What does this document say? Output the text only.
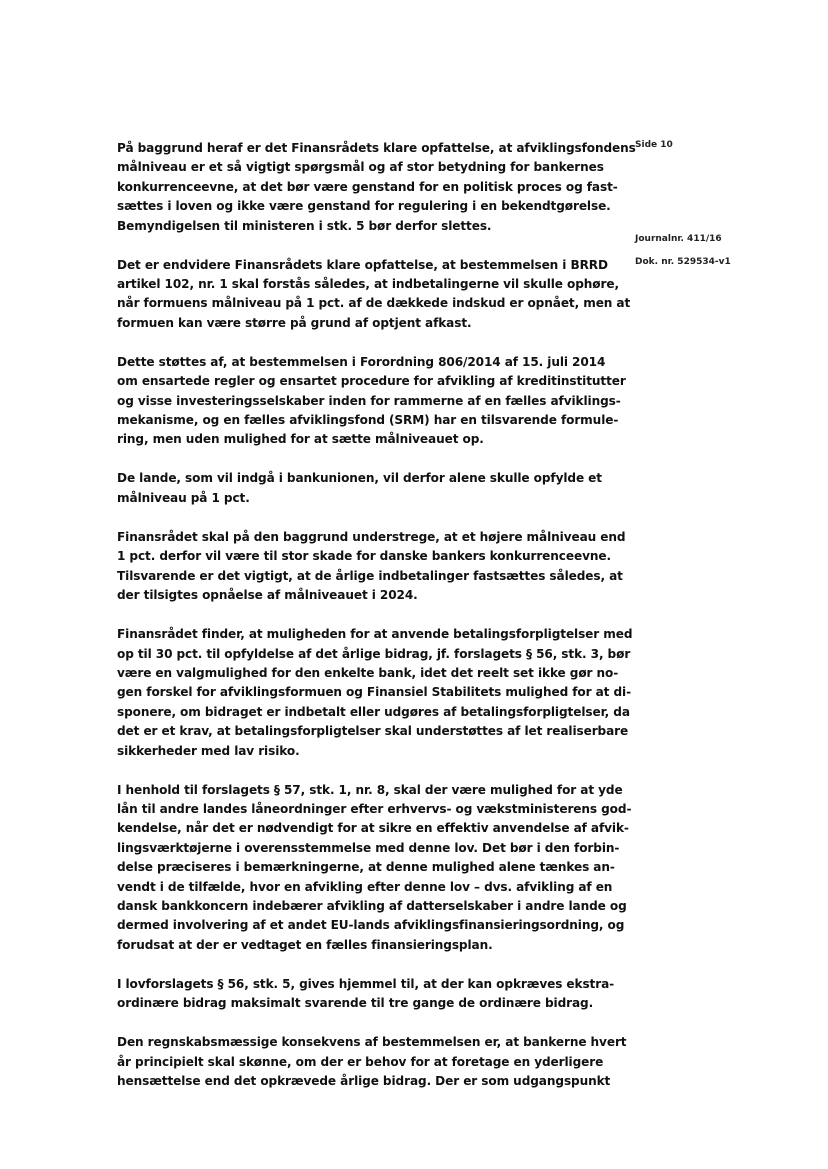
Side 10
Journalnr. 411/16
Dok. nr. 529534-v1

På baggrund heraf er det Finansrådets klare opfattelse, at afviklingsfondens
målniveau er et så vigtigt spørgsmål og af stor betydning for bankernes
konkurrenceevne, at det bør være genstand for en politisk proces og fast-
sættes i loven og ikke være genstand for regulering i en bekendtgørelse.
Bemyndigelsen til ministeren i stk. 5 bør derfor slettes.

Det er endvidere Finansrådets klare opfattelse, at bestemmelsen i BRRD
artikel 102, nr. 1 skal forstås således, at indbetalingerne vil skulle ophøre,
når formuens målniveau på 1 pct. af de dækkede indskud er opnået, men at
formuen kan være større på grund af optjent afkast.

Dette støttes af, at bestemmelsen i Forordning 806/2014 af 15. juli 2014
om ensartede regler og ensartet procedure for afvikling af kreditinstitutter
og visse investeringsselskaber inden for rammerne af en fælles afviklings-
mekanisme, og en fælles afviklingsfond (SRM) har en tilsvarende formule-
ring, men uden mulighed for at sætte målniveauet op.

De lande, som vil indgå i bankunionen, vil derfor alene skulle opfylde et
målniveau på 1 pct.

Finansrådet skal på den baggrund understrege, at et højere målniveau end
1 pct. derfor vil være til stor skade for danske bankers konkurrenceevne.
Tilsvarende er det vigtigt, at de årlige indbetalinger fastsættes således, at
der tilsigtes opnåelse af målniveauet i 2024.

Finansrådet finder, at muligheden for at anvende betalingsforpligtelser med
op til 30 pct. til opfyldelse af det årlige bidrag, jf. forslagets § 56, stk. 3, bør
være en valgmulighed for den enkelte bank, idet det reelt set ikke gør no-
gen forskel for afviklingsformuen og Finansiel Stabilitets mulighed for at di-
sponere, om bidraget er indbetalt eller udgøres af betalingsforpligtelser, da
det er et krav, at betalingsforpligtelser skal understøttes af let realiserbare
sikkerheder med lav risiko.

I henhold til forslagets § 57, stk. 1, nr. 8, skal der være mulighed for at yde
lån til andre landes låneordninger efter erhvervs- og vækstministerens god-
kendelse, når det er nødvendigt for at sikre en effektiv anvendelse af afvik-
lingsværktøjerne i overensstemmelse med denne lov. Det bør i den forbin-
delse præciseres i bemærkningerne, at denne mulighed alene tænkes an-
vendt i de tilfælde, hvor en afvikling efter denne lov – dvs. afvikling af en
dansk bankkoncern indebærer afvikling af datterselskaber i andre lande og
dermed involvering af et andet EU-lands afviklingsfinansieringsordning, og
forudsat at der er vedtaget en fælles finansieringsplan.

I lovforslagets § 56, stk. 5, gives hjemmel til, at der kan opkræves ekstra-
ordinære bidrag maksimalt svarende til tre gange de ordinære bidrag.

Den regnskabsmæssige konsekvens af bestemmelsen er, at bankerne hvert
år principielt skal skønne, om der er behov for at foretage en yderligere
hensættelse end det opkrævede årlige bidrag. Der er som udgangspunkt
